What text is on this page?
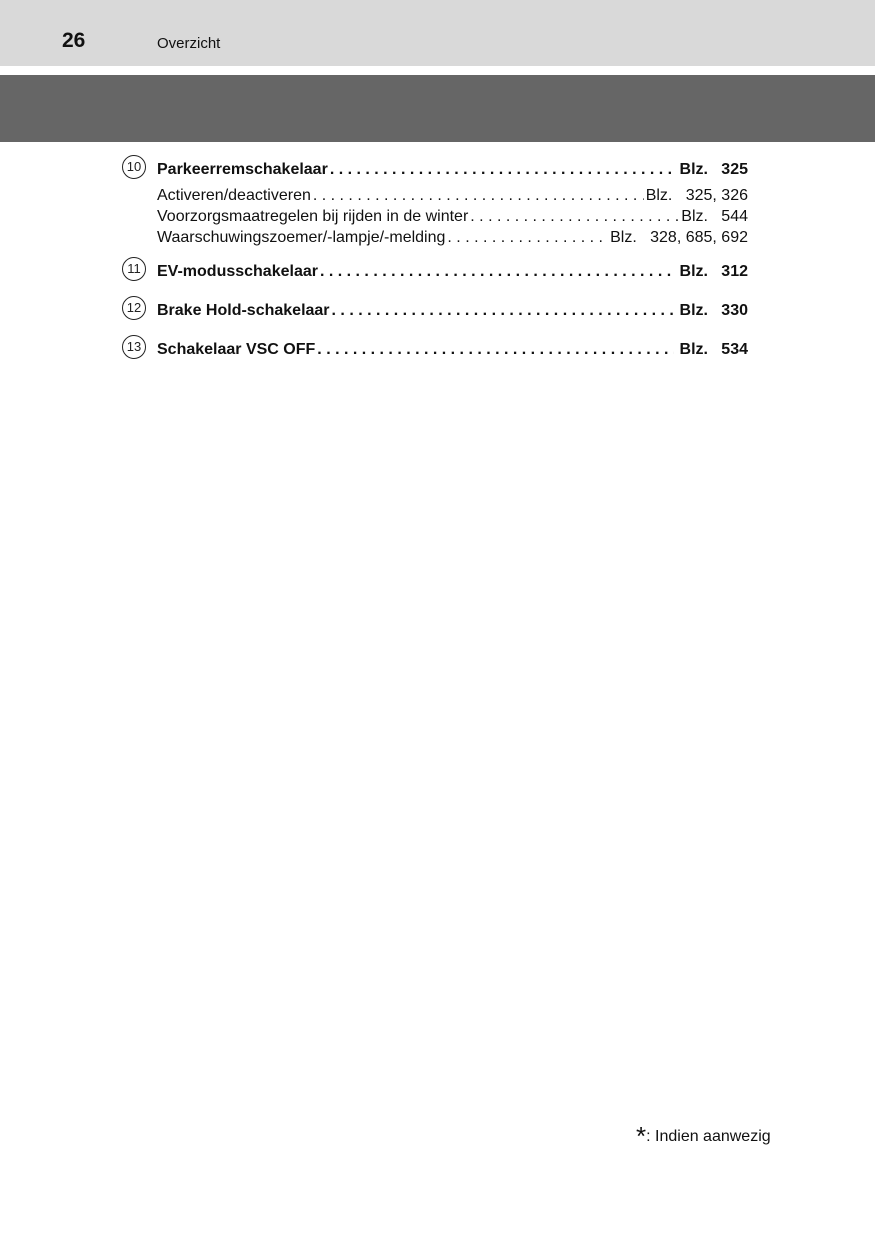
26	Overzicht
10 Parkeerremschakelaar . . .	Blz.   325
Activeren/deactiveren . . .	Blz.   325, 326
Voorzorgsmaatregelen bij rijden in de winter . . .	Blz.   544
Waarschuwingszoemer/-lampje/-melding . . .	Blz.   328, 685, 692
11	EV-modusschakelaar . . .	Blz.   312
12 Brake Hold-schakelaar . . .	Blz.   330
13 Schakelaar VSC OFF . . .	Blz.   534
*: Indien aanwezig
